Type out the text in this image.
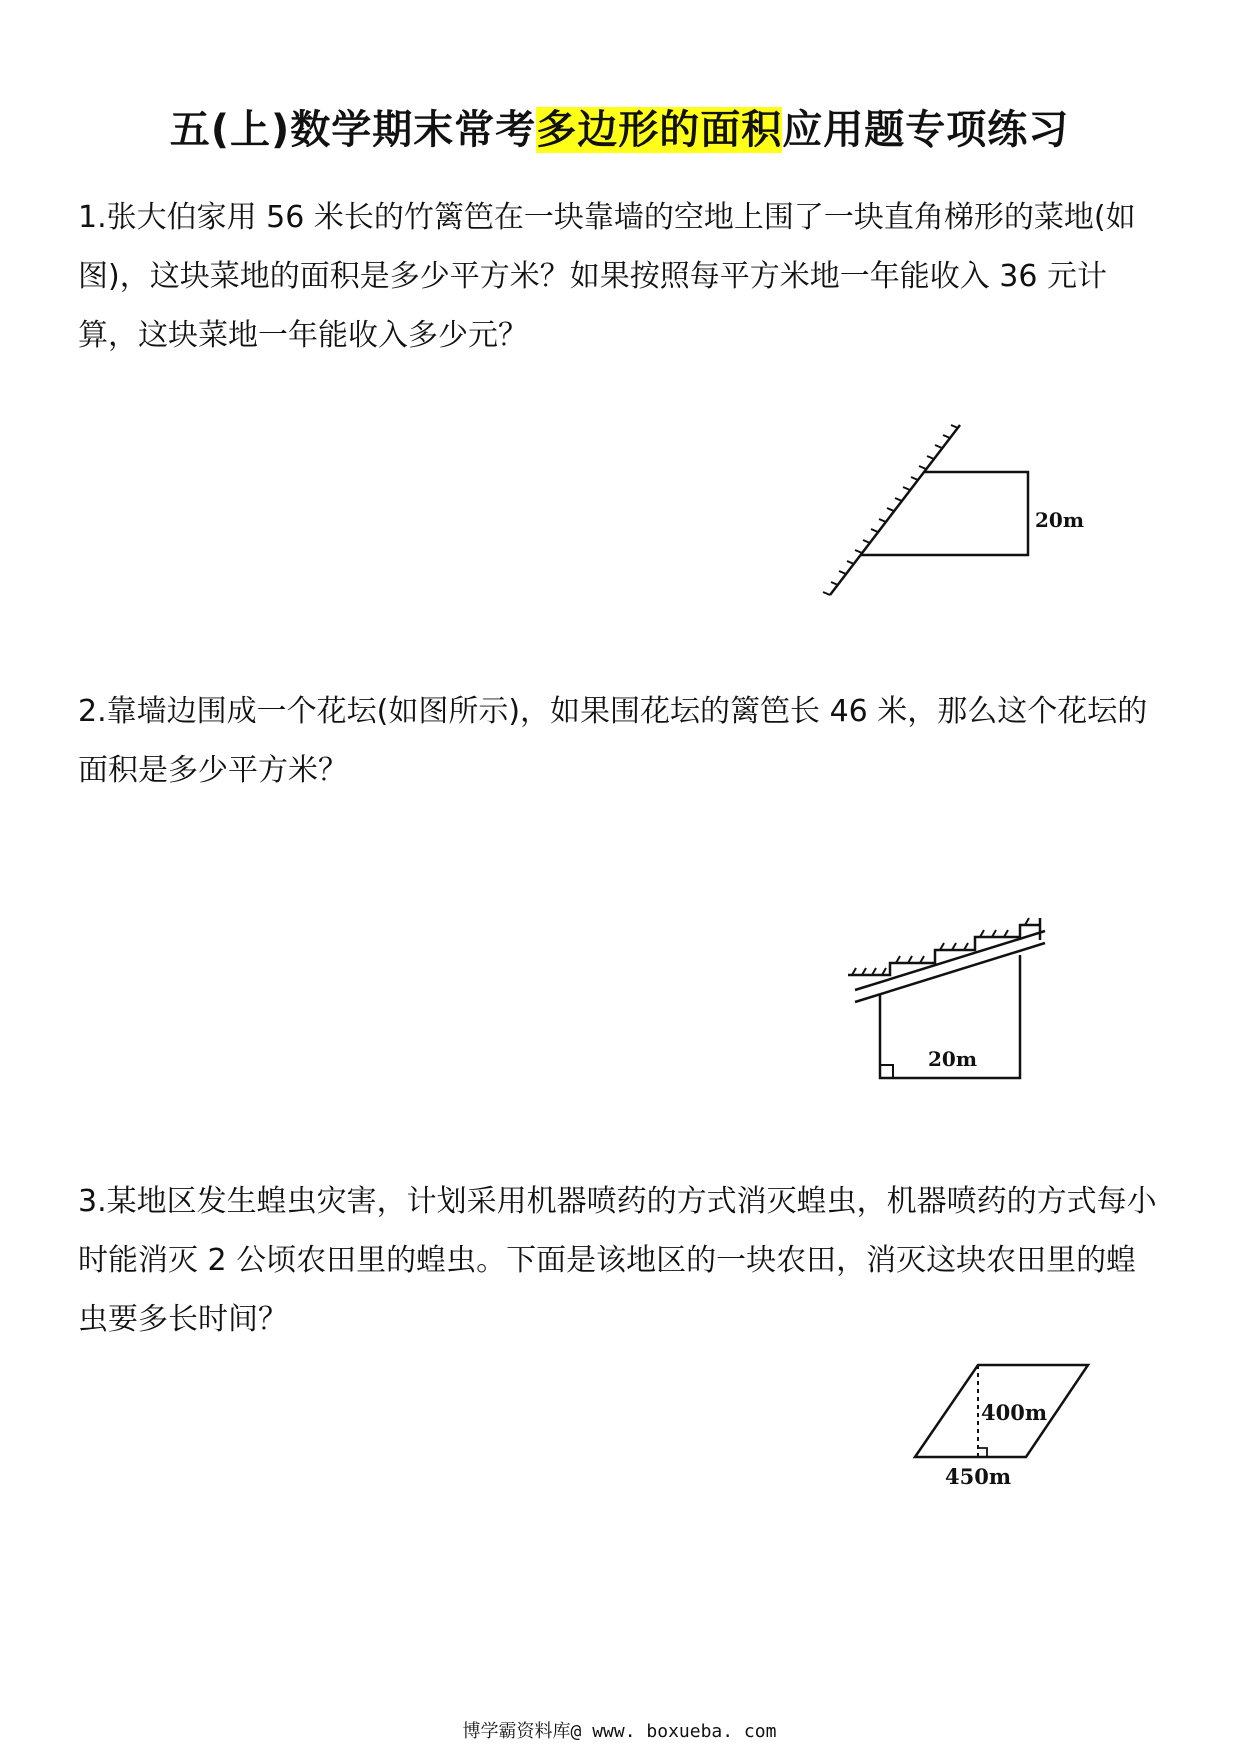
五(上)数学期末常考多边形的面积应用题专项练习
1.张大伯家用 56 米长的竹篱笆在一块靠墙的空地上围了一块直角梯形的菜地(如图)，这块菜地的面积是多少平方米？如果按照每平方米地一年能收入 36 元计算，这块菜地一年能收入多少元？
2.靠墙边围成一个花坛(如图所示)，如果围花坛的篱笆长 46 米，那么这个花坛的面积是多少平方米？
3.某地区发生蝗虫灾害，计划采用机器喷药的方式消灭蝗虫，机器喷药的方式每小时能消灭 2 公顷农田里的蝗虫。下面是该地区的一块农田，消灭这块农田里的蝗虫要多长时间？
20m
20m
400m
450m
博学霸资料库@ www. boxueba. com
